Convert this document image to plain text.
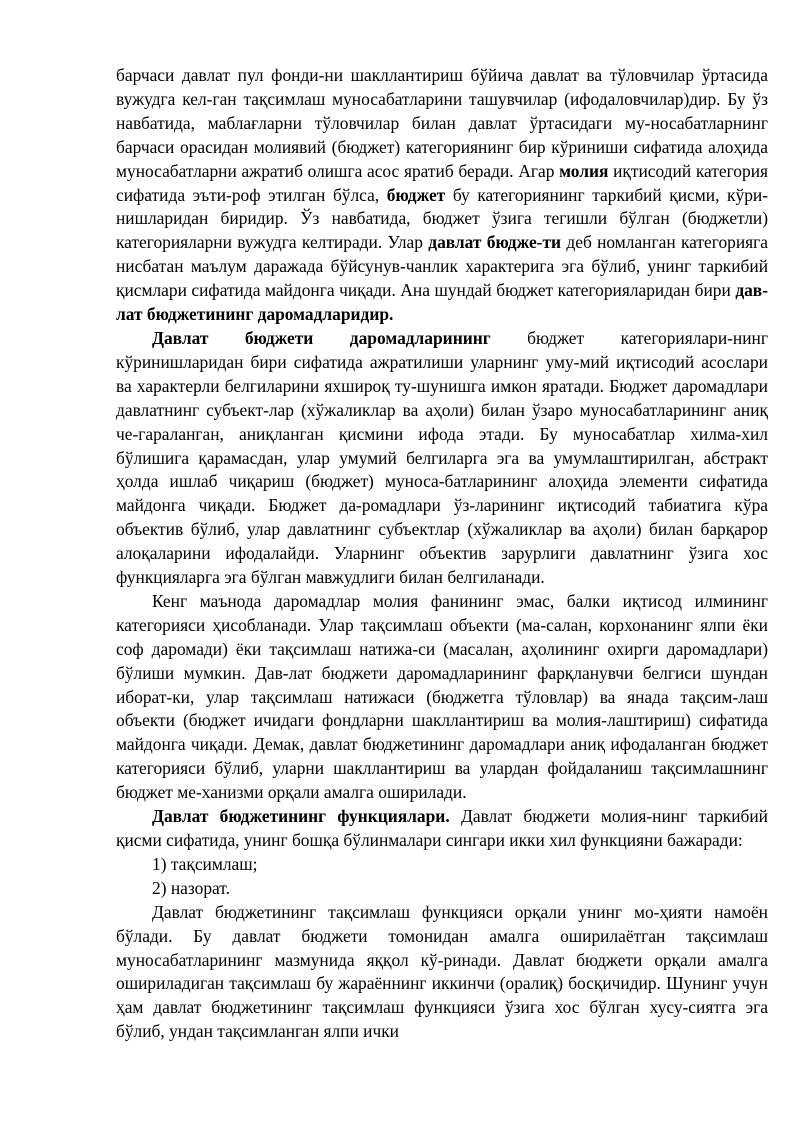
барчаси давлат пул фонди-ни шакллантириш бўйича давлат ва тўловчилар ўртасида вужудга кел-ган тақсимлаш муносабатларини ташувчилар (ифодаловчилар)дир. Бу ўз навбатида, маблағларни тўловчилар билан давлат ўртасидаги му-носабатларнинг барчаси орасидан молиявий (бюджет) категориянинг бир кўриниши сифатида алоҳида муносабатларни ажратиб олишга асос яратиб беради. Агар молия иқтисодий категория сифатида эъти-роф этилган бўлса, бюджет бу категориянинг таркибий қисми, кўри-нишларидан биридир. Ўз навбатида, бюджет ўзига тегишли бўлган (бюджетли) категорияларни вужудга келтиради. Улар давлат бюдже-ти деб номланган категорияга нисбатан маълум даражада бўйсунув-чанлик характерига эга бўлиб, унинг таркибий қисмлари сифатида майдонга чиқади. Ана шундай бюджет категорияларидан бири дав-лат бюджетининг даромадларидир.

Давлат бюджети даромадларининг бюджет категориялари-нинг кўринишларидан бири сифатида ажратилиши уларнинг уму-мий иқтисодий асослари ва характерли белгиларини яхшироқ ту-шунишга имкон яратади. Бюджет даромадлари давлатнинг субъект-лар (хўжаликлар ва аҳоли) билан ўзаро муносабатларининг аниқ че-гараланган, аниқланган қисмини ифода этади. Бу муносабатлар хилма-хил бўлишига қарамасдан, улар умумий белгиларга эга ва умумлаштирилган, абстракт ҳолда ишлаб чиқариш (бюджет) муноса-батларининг алоҳида элементи сифатида майдонга чиқади. Бюджет да-ромадлари ўз-ларининг иқтисодий табиатига кўра объектив бўлиб, улар давлатнинг субъектлар (хўжаликлар ва аҳоли) билан барқарор алоқаларини ифодалайди. Уларнинг объектив зарурлиги давлатнинг ўзига хос функцияларга эга бўлган мавжудлиги билан белгиланади.

Кенг маънода даромадлар молия фанининг эмас, балки иқтисод илмининг категорияси ҳисобланади. Улар тақсимлаш объекти (ма-салан, корхонанинг ялпи ёки соф даромади) ёки тақсимлаш натижа-си (масалан, аҳолининг охирги даромадлари) бўлиши мумкин. Дав-лат бюджети даромадларининг фарқланувчи белгиси шундан иборат-ки, улар тақсимлаш натижаси (бюджетга тўловлар) ва янада тақсим-лаш объекти (бюджет ичидаги фондларни шакллантириш ва молия-лаштириш) сифатида майдонга чиқади. Демак, давлат бюджетининг даромадлари аниқ ифодаланган бюджет категорияси бўлиб, уларни шакллантириш ва улардан фойдаланиш тақсимлашнинг бюджет ме-ханизми орқали амалга оширилади.

Давлат бюджетининг функциялари. Давлат бюджети молия-нинг таркибий қисми сифатида, унинг бошқа бўлинмалари сингари икки хил функцияни бажаради:

1) тақсимлаш;

2) назорат.

Давлат бюджетининг тақсимлаш функцияси орқали унинг мо-ҳияти намоён бўлади. Бу давлат бюджети томонидан амалга оширилаётган тақсимлаш муносабатларининг мазмунида яққол кў-ринади. Давлат бюджети орқали амалга ошириладиган тақсимлаш бу жараённинг иккинчи (оралиқ) босқичидир. Шунинг учун ҳам давлат бюджетининг тақсимлаш функцияси ўзига хос бўлган хусу-сиятга эга бўлиб, ундан тақсимланган ялпи ички
